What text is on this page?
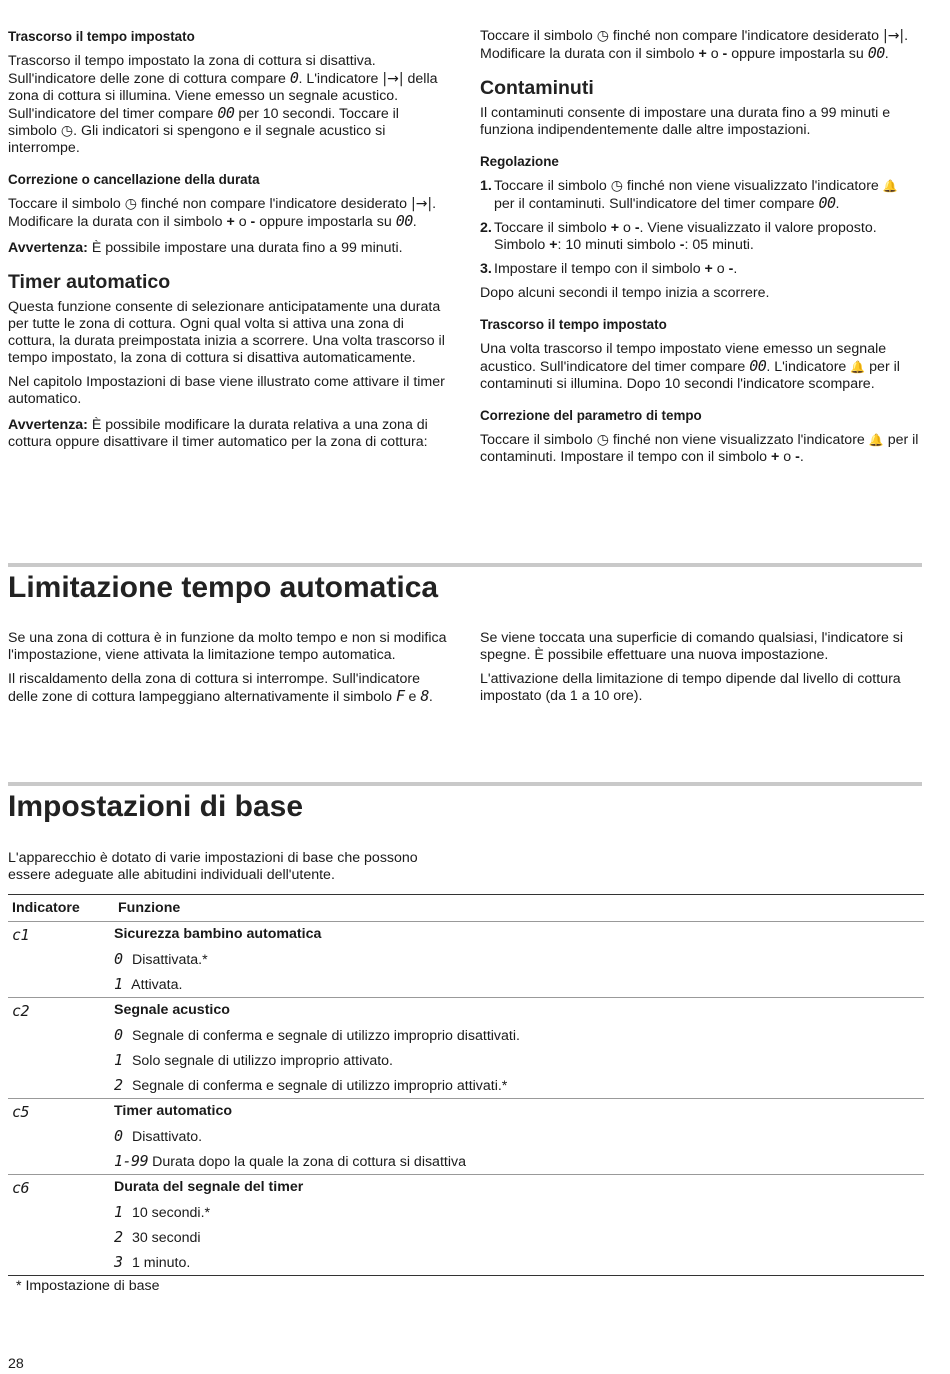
Trascorso il tempo impostato

Trascorso il tempo impostato la zona di cottura si disattiva. Sull'indicatore delle zone di cottura compare 0. L'indicatore |→| della zona di cottura si illumina. Viene emesso un segnale acustico. Sull'indicatore del timer compare 00 per 10 secondi. Toccare il simbolo ◷. Gli indicatori si spengono e il segnale acustico si interrompe.

Correzione o cancellazione della durata

Toccare il simbolo ◷ finché non compare l'indicatore desiderato |→|. Modificare la durata con il simbolo + o - oppure impostarla su 00.

Avvertenza: È possibile impostare una durata fino a 99 minuti.

Timer automatico

Questa funzione consente di selezionare anticipatamente una durata per tutte le zona di cottura. Ogni qual volta si attiva una zona di cottura, la durata preimpostata inizia a scorrere. Una volta trascorso il tempo impostato, la zona di cottura si disattiva automaticamente.

Nel capitolo Impostazioni di base viene illustrato come attivare il timer automatico.

Avvertenza: È possibile modificare la durata relativa a una zona di cottura oppure disattivare il timer automatico per la zona di cottura:

Toccare il simbolo ◷ finché non compare l'indicatore desiderato |→|. Modificare la durata con il simbolo + o - oppure impostarla su 00.

Contaminuti

Il contaminuti consente di impostare una durata fino a 99 minuti e funziona indipendentemente dalle altre impostazioni.

Regolazione
1. Toccare il simbolo ◷ finché non viene visualizzato l'indicatore 🔔 per il contaminuti. Sull'indicatore del timer compare 00.
2. Toccare il simbolo + o -. Viene visualizzato il valore proposto. Simbolo +: 10 minuti simbolo -: 05 minuti.
3. Impostare il tempo con il simbolo + o -.

Dopo alcuni secondi il tempo inizia a scorrere.

Trascorso il tempo impostato

Una volta trascorso il tempo impostato viene emesso un segnale acustico. Sull'indicatore del timer compare 00. L'indicatore 🔔 per il contaminuti si illumina. Dopo 10 secondi l'indicatore scompare.

Correzione del parametro di tempo

Toccare il simbolo ◷ finché non viene visualizzato l'indicatore 🔔 per il contaminuti. Impostare il tempo con il simbolo + o -.

Limitazione tempo automatica

Se una zona di cottura è in funzione da molto tempo e non si modifica l'impostazione, viene attivata la limitazione tempo automatica.

Il riscaldamento della zona di cottura si interrompe. Sull'indicatore delle zone di cottura lampeggiano alternativamente il simbolo F e 8.

Se viene toccata una superficie di comando qualsiasi, l'indicatore si spegne. È possibile effettuare una nuova impostazione.

L'attivazione della limitazione di tempo dipende dal livello di cottura impostato (da 1 a 10 ore).

Impostazioni di base

L'apparecchio è dotato di varie impostazioni di base che possono essere adeguate alle abitudini individuali dell'utente.

Indicatore	Funzione
c1	Sicurezza bambino automatica
0 Disattivata.*
1 Attivata.

c2	Segnale acustico
0 Segnale di conferma e segnale di utilizzo improprio disattivati.
1 Solo segnale di utilizzo improprio attivato.
2 Segnale di conferma e segnale di utilizzo improprio attivati.*

c5	Timer automatico
0 Disattivato.
1-99 Durata dopo la quale la zona di cottura si disattiva

c6	Durata del segnale del timer
1 10 secondi.*
2 30 secondi
3 1 minuto.
* Impostazione di base
28
